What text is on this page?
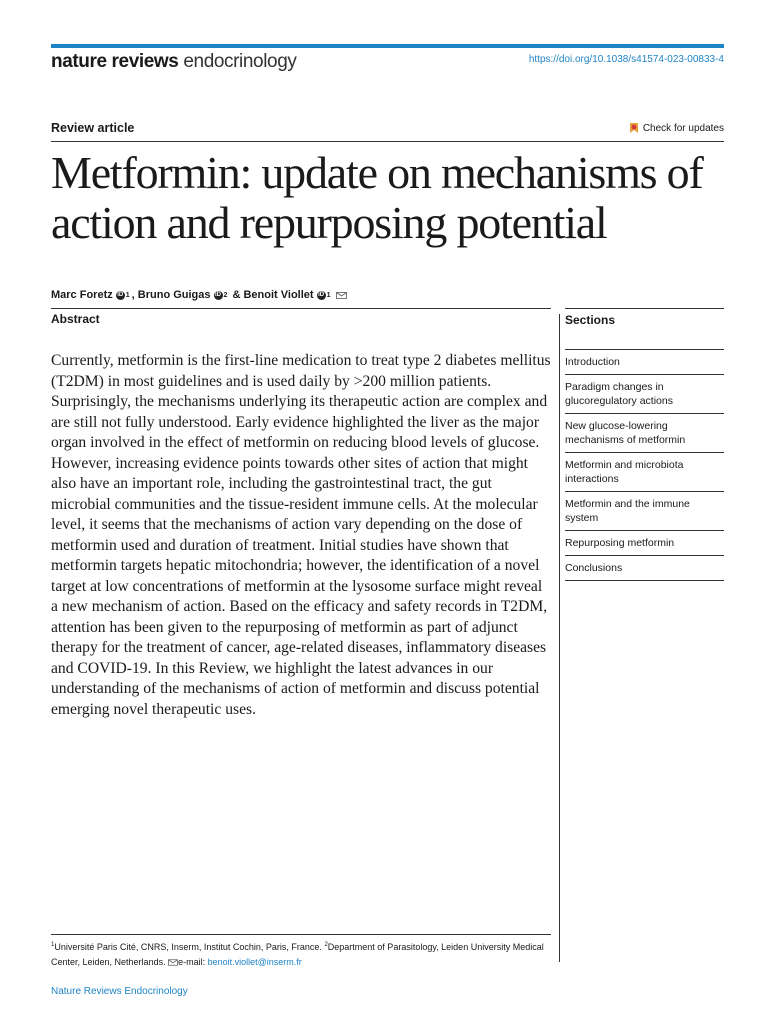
nature reviews endocrinology	https://doi.org/10.1038/s41574-023-00833-4
Review article	Check for updates
Metformin: update on mechanisms of action and repurposing potential
Marc Foretz iD 1 , Bruno Guigas iD 2 & Benoit Viollet iD 1
Abstract

Currently, metformin is the first-line medication to treat type 2 diabetes mellitus (T2DM) in most guidelines and is used daily by >200 million patients. Surprisingly, the mechanisms underlying its therapeutic action are complex and are still not fully understood. Early evidence highlighted the liver as the major organ involved in the effect of metformin on reducing blood levels of glucose. However, increasing evidence points towards other sites of action that might also have an important role, including the gastrointestinal tract, the gut microbial communities and the tissue-resident immune cells. At the molecular level, it seems that the mechanisms of action vary depending on the dose of metformin used and duration of treatment. Initial studies have shown that metformin targets hepatic mitochondria; however, the identification of a novel target at low concentrations of metformin at the lysosome surface might reveal a new mechanism of action. Based on the efficacy and safety records in T2DM, attention has been given to the repurposing of metformin as part of adjunct therapy for the treatment of cancer, age-related diseases, inflammatory diseases and COVID-19. In this Review, we highlight the latest advances in our understanding of the mechanisms of action of metformin and discuss potential emerging novel therapeutic uses.

Sections
Introduction
Paradigm changes in glucoregulatory actions
New glucose-lowering mechanisms of metformin
Metformin and microbiota interactions
Metformin and the immune system
Repurposing metformin
Conclusions
$^1$Université Paris Cité, CNRS, Inserm, Institut Cochin, Paris, France. $^2$Department of Parasitology, Leiden University Medical Center, Leiden, Netherlands. e-mail: benoit.viollet@inserm.fr
Nature Reviews Endocrinology
